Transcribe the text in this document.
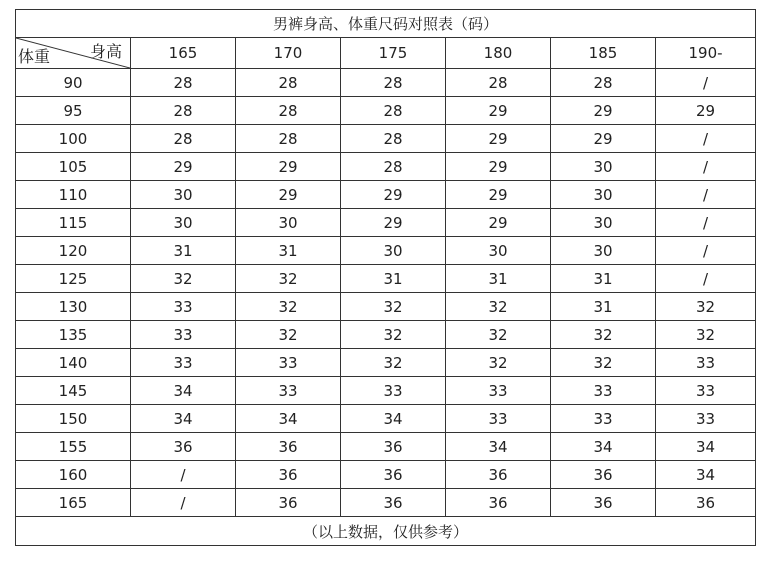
男裤身高、体重尺码对照表（码）						

身高
体重	165	170	175	180	185	190-
90	28	28	28	28	28	/
95	28	28	28	29	29	29
100	28	28	28	29	29	/
105	29	29	28	29	30	/
110	30	29	29	29	30	/
115	30	30	29	29	30	/
120	31	31	30	30	30	/
125	32	32	31	31	31	/
130	33	32	32	32	31	32
135	33	32	32	32	32	32
140	33	33	32	32	32	33
145	34	33	33	33	33	33
150	34	34	34	33	33	33
155	36	36	36	34	34	34
160	/	36	36	36	36	34
165	/	36	36	36	36	36
（以上数据，仅供参考）						
